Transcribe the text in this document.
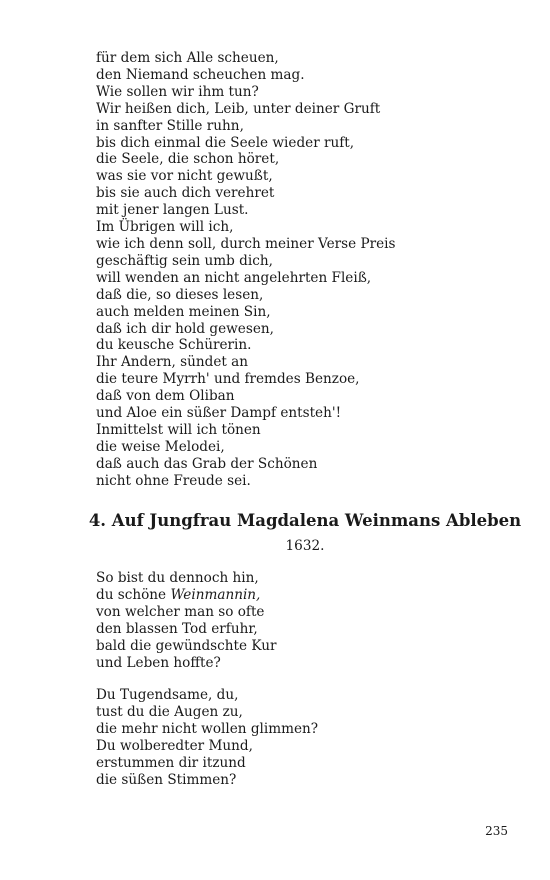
für dem sich Alle scheuen,
den Niemand scheuchen mag.
Wie sollen wir ihm tun?
Wir heißen dich, Leib, unter deiner Gruft
in sanfter Stille ruhn,
bis dich einmal die Seele wieder ruft,
die Seele, die schon höret,
was sie vor nicht gewußt,
bis sie auch dich verehret
mit jener langen Lust.
Im Übrigen will ich,
wie ich denn soll, durch meiner Verse Preis
geschäftig sein umb dich,
will wenden an nicht angelehrten Fleiß,
daß die, so dieses lesen,
auch melden meinen Sin,
daß ich dir hold gewesen,
du keusche Schürerin.
Ihr Andern, sündet an
die teure Myrrh' und fremdes Benzoe,
daß von dem Oliban
und Aloe ein süßer Dampf entsteh'!
Inmittelst will ich tönen
die weise Melodei,
daß auch das Grab der Schönen
nicht ohne Freude sei.
4. Auf Jungfrau Magdalena Weinmans Ableben

1632.

So bist du dennoch hin,
du schöne Weinmannin,
von welcher man so ofte
den blassen Tod erfuhr,
bald die gewündschte Kur
und Leben hoffte?
Du Tugendsame, du,
tust du die Augen zu,
die mehr nicht wollen glimmen?
Du wolberedter Mund,
erstummen dir itzund
die süßen Stimmen?
235
